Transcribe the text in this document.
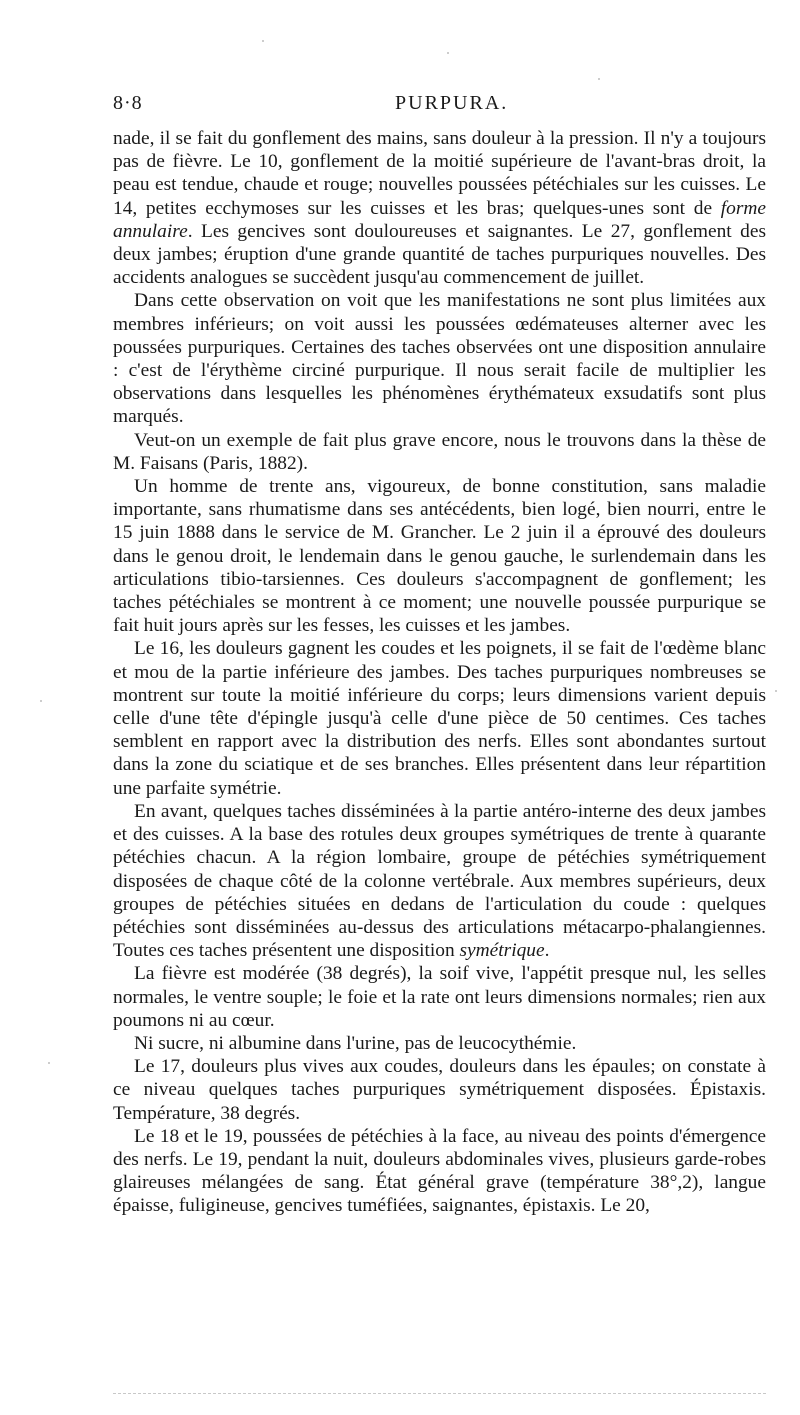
8·8	PURPURA.

nade, il se fait du gonflement des mains, sans douleur à la pression. Il n'y a toujours pas de fièvre. Le 10, gonflement de la moitié supérieure de l'avant-bras droit, la peau est tendue, chaude et rouge; nouvelles poussées pétéchiales sur les cuisses. Le 14, petites ecchymoses sur les cuisses et les bras; quelques-unes sont de forme annulaire. Les gencives sont douloureuses et saignantes. Le 27, gonflement des deux jambes; éruption d'une grande quantité de taches purpuriques nouvelles. Des accidents analogues se succèdent jusqu'au commencement de juillet.

Dans cette observation on voit que les manifestations ne sont plus limitées aux membres inférieurs; on voit aussi les poussées œdémateuses alterner avec les poussées purpuriques. Certaines des taches observées ont une disposition annulaire : c'est de l'érythème circiné purpurique. Il nous serait facile de multiplier les observations dans lesquelles les phénomènes érythémateux exsudatifs sont plus marqués.

Veut-on un exemple de fait plus grave encore, nous le trouvons dans la thèse de M. Faisans (Paris, 1882).

Un homme de trente ans, vigoureux, de bonne constitution, sans maladie importante, sans rhumatisme dans ses antécédents, bien logé, bien nourri, entre le 15 juin 1888 dans le service de M. Grancher. Le 2 juin il a éprouvé des douleurs dans le genou droit, le lendemain dans le genou gauche, le surlendemain dans les articulations tibio-tarsiennes. Ces douleurs s'accompagnent de gonflement; les taches pétéchiales se montrent à ce moment; une nouvelle poussée purpurique se fait huit jours après sur les fesses, les cuisses et les jambes.

Le 16, les douleurs gagnent les coudes et les poignets, il se fait de l'œdème blanc et mou de la partie inférieure des jambes. Des taches purpuriques nombreuses se montrent sur toute la moitié inférieure du corps; leurs dimensions varient depuis celle d'une tête d'épingle jusqu'à celle d'une pièce de 50 centimes. Ces taches semblent en rapport avec la distribution des nerfs. Elles sont abondantes surtout dans la zone du sciatique et de ses branches. Elles présentent dans leur répartition une parfaite symétrie.

En avant, quelques taches disséminées à la partie antéro-interne des deux jambes et des cuisses. A la base des rotules deux groupes symétriques de trente à quarante pétéchies chacun. A la région lombaire, groupe de pétéchies symétriquement disposées de chaque côté de la colonne vertébrale. Aux membres supérieurs, deux groupes de pétéchies situées en dedans de l'articulation du coude : quelques pétéchies sont disséminées au-dessus des articulations métacarpo-phalangiennes. Toutes ces taches présentent une disposition symétrique.

La fièvre est modérée (38 degrés), la soif vive, l'appétit presque nul, les selles normales, le ventre souple; le foie et la rate ont leurs dimensions normales; rien aux poumons ni au cœur.

Ni sucre, ni albumine dans l'urine, pas de leucocythémie.

Le 17, douleurs plus vives aux coudes, douleurs dans les épaules; on constate à ce niveau quelques taches purpuriques symétriquement disposées. Épistaxis. Température, 38 degrés.

Le 18 et le 19, poussées de pétéchies à la face, au niveau des points d'émergence des nerfs. Le 19, pendant la nuit, douleurs abdominales vives, plusieurs garde-robes glaireuses mélangées de sang. État général grave (température 38°,2), langue épaisse, fuligineuse, gencives tuméfiées, saignantes, épistaxis. Le 20,
